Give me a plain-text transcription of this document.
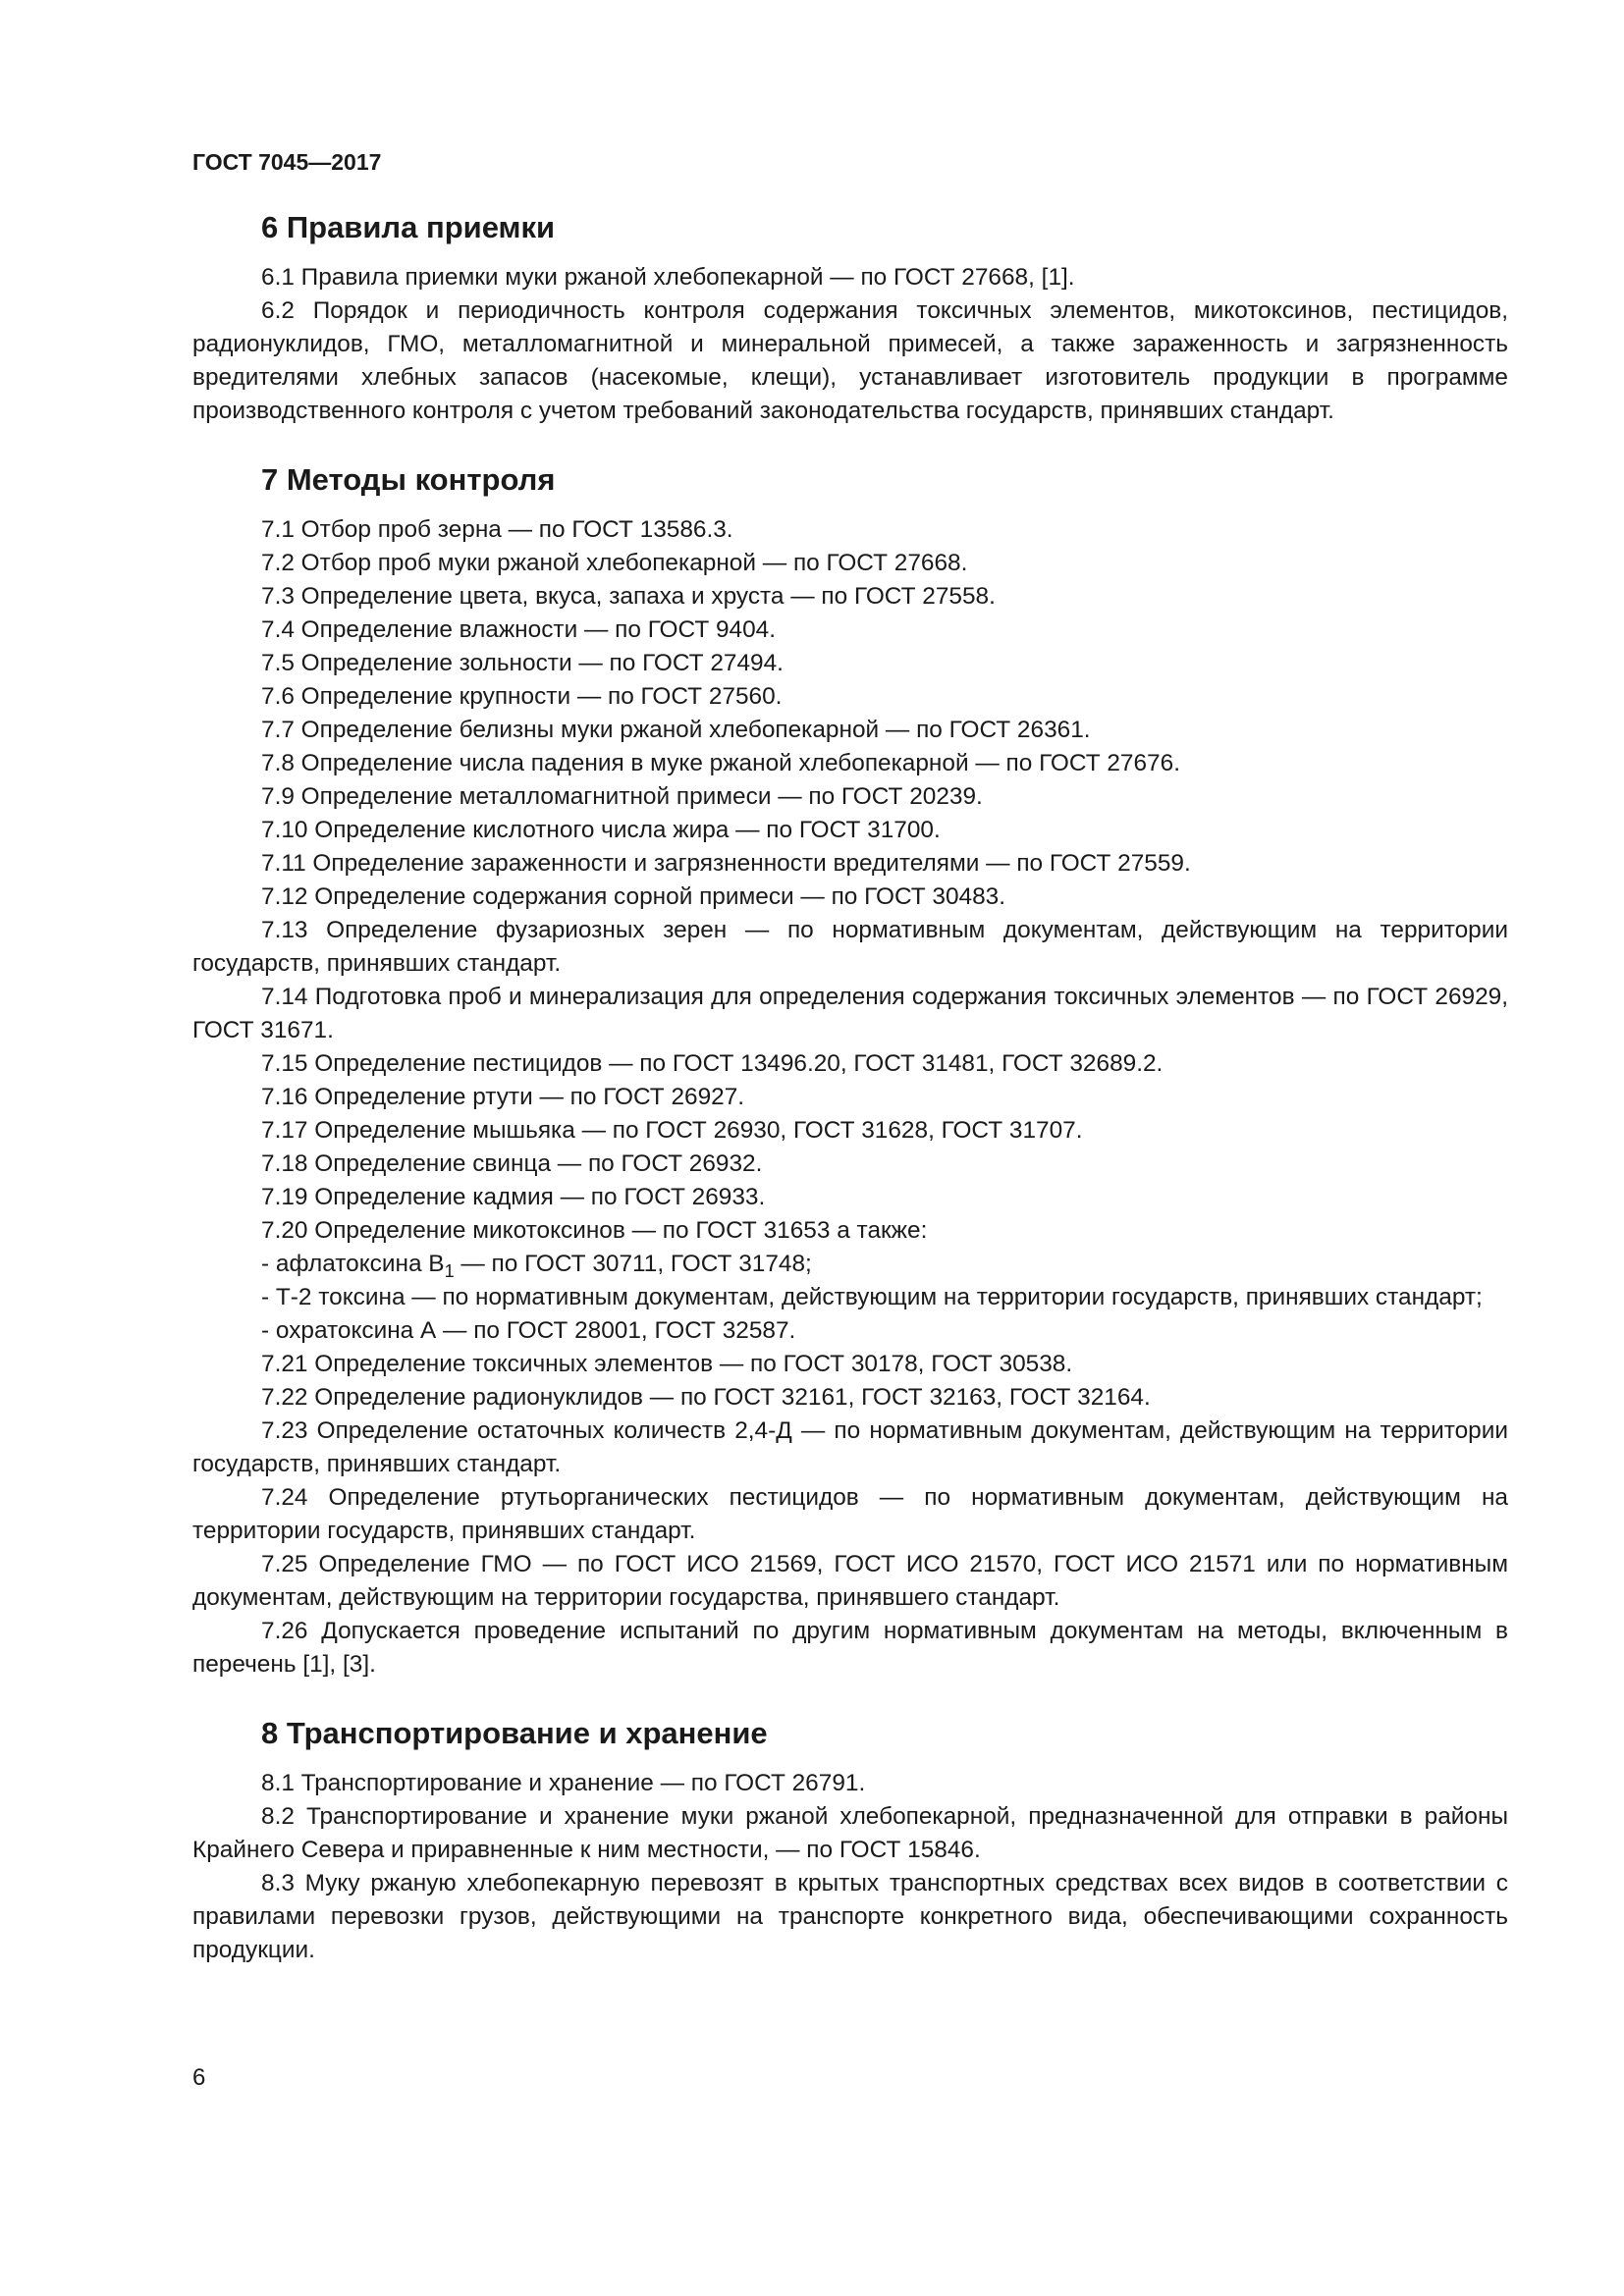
ГОСТ 7045—2017
6 Правила приемки

6.1 Правила приемки муки ржаной хлебопекарной — по ГОСТ 27668, [1].

6.2 Порядок и периодичность контроля содержания токсичных элементов, микотоксинов, пестицидов, радионуклидов, ГМО, металломагнитной и минеральной примесей, а также зараженность и загрязненность вредителями хлебных запасов (насекомые, клещи), устанавливает изготовитель продукции в программе производственного контроля с учетом требований законодательства государств, принявших стандарт.

7 Методы контроля

7.1 Отбор проб зерна — по ГОСТ 13586.3.

7.2 Отбор проб муки ржаной хлебопекарной — по ГОСТ 27668.

7.3 Определение цвета, вкуса, запаха и хруста — по ГОСТ 27558.

7.4 Определение влажности — по ГОСТ 9404.

7.5 Определение зольности — по ГОСТ 27494.

7.6 Определение крупности — по ГОСТ 27560.

7.7 Определение белизны муки ржаной хлебопекарной — по ГОСТ 26361.

7.8 Определение числа падения в муке ржаной хлебопекарной — по ГОСТ 27676.

7.9 Определение металломагнитной примеси — по ГОСТ 20239.

7.10 Определение кислотного числа жира — по ГОСТ 31700.

7.11 Определение зараженности и загрязненности вредителями — по ГОСТ 27559.

7.12 Определение содержания сорной примеси — по ГОСТ 30483.

7.13 Определение фузариозных зерен — по нормативным документам, действующим на территории государств, принявших стандарт.

7.14 Подготовка проб и минерализация для определения содержания токсичных элементов — по ГОСТ 26929, ГОСТ 31671.

7.15 Определение пестицидов — по ГОСТ 13496.20, ГОСТ 31481, ГОСТ 32689.2.

7.16 Определение ртути — по ГОСТ 26927.

7.17 Определение мышьяка — по ГОСТ 26930, ГОСТ 31628, ГОСТ 31707.

7.18 Определение свинца — по ГОСТ 26932.

7.19 Определение кадмия — по ГОСТ 26933.

7.20 Определение микотоксинов — по ГОСТ 31653 а также:

- афлатоксина $В_1$ — по ГОСТ 30711, ГОСТ 31748;

- Т-2 токсина — по нормативным документам, действующим на территории государств, принявших стандарт;

- охратоксина А — по ГОСТ 28001, ГОСТ 32587.

7.21 Определение токсичных элементов — по ГОСТ 30178, ГОСТ 30538.

7.22 Определение радионуклидов — по ГОСТ 32161, ГОСТ 32163, ГОСТ 32164.

7.23 Определение остаточных количеств 2,4-Д — по нормативным документам, действующим на территории государств, принявших стандарт.

7.24 Определение ртутьорганических пестицидов — по нормативным документам, действующим на территории государств, принявших стандарт.

7.25 Определение ГМО — по ГОСТ ИСО 21569, ГОСТ ИСО 21570, ГОСТ ИСО 21571 или по нормативным документам, действующим на территории государства, принявшего стандарт.

7.26 Допускается проведение испытаний по другим нормативным документам на методы, включенным в перечень [1], [3].

8 Транспортирование и хранение

8.1 Транспортирование и хранение — по ГОСТ 26791.

8.2 Транспортирование и хранение муки ржаной хлебопекарной, предназначенной для отправки в районы Крайнего Севера и приравненные к ним местности, — по ГОСТ 15846.

8.3 Муку ржаную хлебопекарную перевозят в крытых транспортных средствах всех видов в соответствии с правилами перевозки грузов, действующими на транспорте конкретного вида, обеспечивающими сохранность продукции.

6
